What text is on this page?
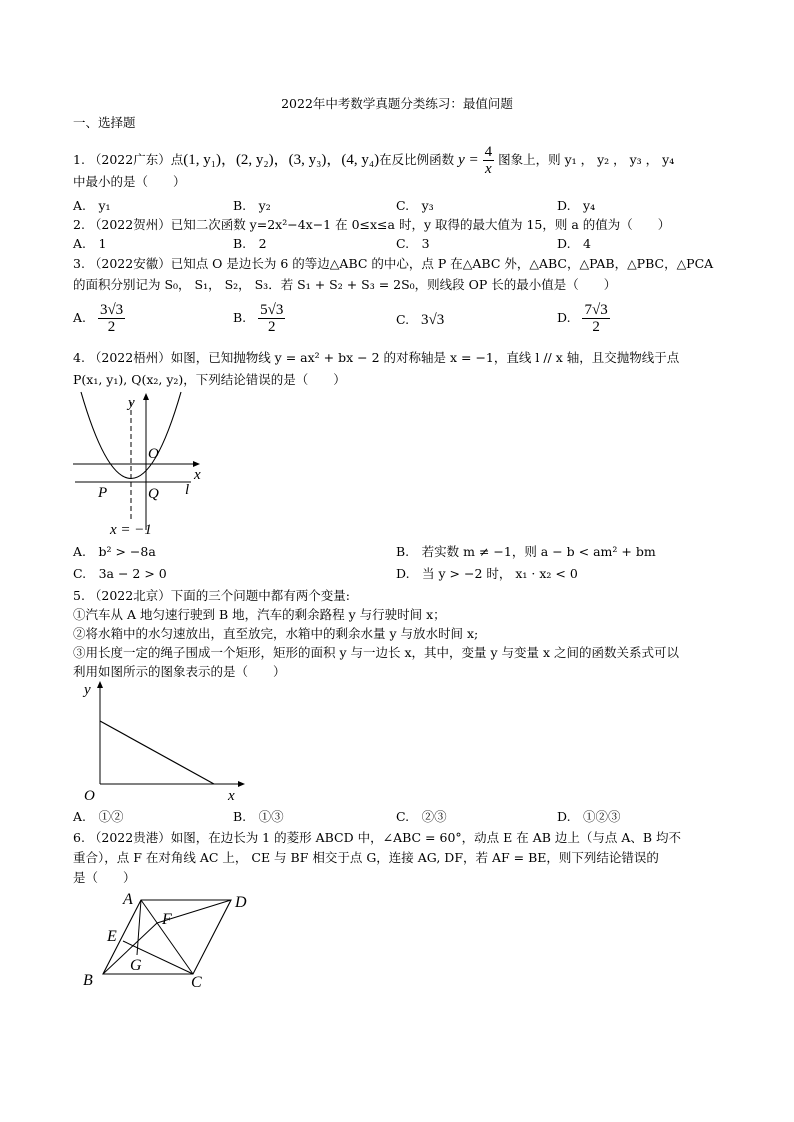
2022年中考数学真题分类练习：最值问题
一、选择题
1. （2022广东）点(1, y₁)，(2, y₂)，(3, y₃)，(4, y₄)在反比例函数 $y = \frac{4}{x}$ 图象上，则 y₁ ， y₂ ， y₃ ， y₄
中最小的是（　　）
A.　y₁	B.　y₂	C.　y₃	D.　y₄
2. （2022贺州）已知二次函数 y=2x²−4x−1 在 0≤x≤a 时，y 取得的最大值为 15，则 a 的值为（　　）
A.　1	B.　2	C.　3	D.　4
3. （2022安徽）已知点 O 是边长为 6 的等边△ABC 的中心，点 P 在△ABC 外，△ABC，△PAB，△PBC，△PCA
的面积分别记为 S₀， S₁， S₂， S₃．若 S₁ + S₂ + S₃ = 2S₀，则线段 OP 长的最小值是（　　）
A. $\frac{3√3}{2}$	B. $\frac{5√3}{2}$	C. 3√3	D. $\frac{7√3}{2}$
4. （2022梧州）如图，已知抛物线 y = ax² + bx − 2 的对称轴是 x = −1，直线 l // x 轴，且交抛物线于点
P(x₁, y₁), Q(x₂, y₂)，下列结论错误的是（　　）
y
x
O
P	Q l
x = −1
A.　b² > −8a	B.　若实数 m ≠ −1，则 a − b < am² + bm
C.　3a − 2 > 0	D.　当 y > −2 时， x₁ · x₂ < 0
5. （2022北京）下面的三个问题中都有两个变量:
①汽车从 A 地匀速行驶到 B 地，汽车的剩余路程 y 与行驶时间 x；
②将水箱中的水匀速放出，直至放完，水箱中的剩余水量 y 与放水时间 x;
③用长度一定的绳子围成一个矩形，矩形的面积 y 与一边长 x，其中，变量 y 与变量 x 之间的函数关系式可以
利用如图所示的图象表示的是（　　）
y
x
O
A.　①②	B.　①③	C.　②③	D.　①②③
6. （2022贵港）如图，在边长为 1 的菱形 ABCD 中，∠ABC = 60°，动点 E 在 AB 边上（与点 A、B 均不
重合），点 F 在对角线 AC 上， CE 与 BF 相交于点 G，连接 AG, DF，若 AF = BE，则下列结论错误的
是（　　）
A	D
B	C
E
F
G
